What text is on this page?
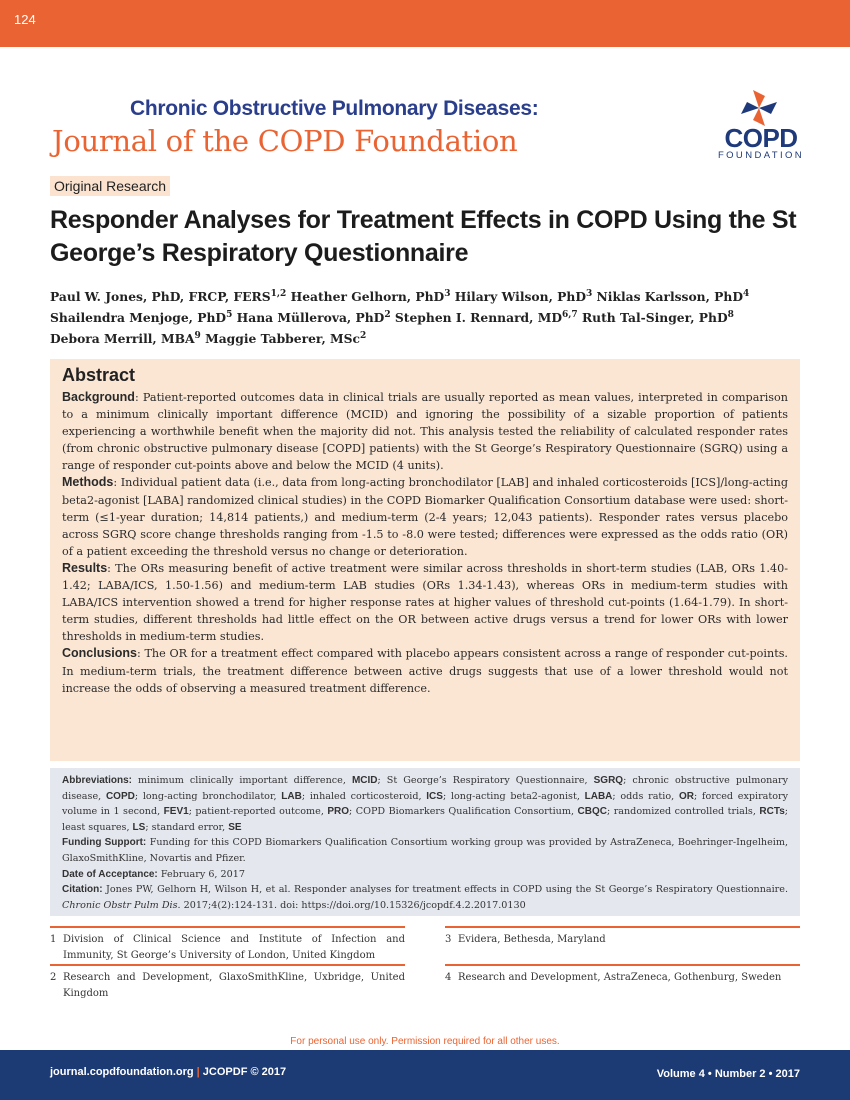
124
Chronic Obstructive Pulmonary Diseases:
Journal of the COPD Foundation	COPD
FOUNDATION
Original Research
Responder Analyses for Treatment Effects in COPD Using the St George’s Respiratory Questionnaire
Paul W. Jones, PhD, FRCP, FERS$^{1,2}$ Heather Gelhorn, PhD$^3$ Hilary Wilson, PhD$^3$ Niklas Karlsson, PhD$^4$
Shailendra Menjoge, PhD$^5$ Hana Müllerova, PhD$^2$ Stephen I. Rennard, MD$^{6,7}$ Ruth Tal-Singer, PhD$^8$
Debora Merrill, MBA$^9$ Maggie Tabberer, MSc$^2$
Abstract

Background: Patient-reported outcomes data in clinical trials are usually reported as mean values, interpreted in comparison to a minimum clinically important difference (MCID) and ignoring the possibility of a sizable proportion of patients experiencing a worthwhile benefit when the majority did not. This analysis tested the reliability of calculated responder rates (from chronic obstructive pulmonary disease [COPD] patients) with the St George’s Respiratory Questionnaire (SGRQ) using a range of responder cut-points above and below the MCID (4 units).

Methods: Individual patient data (i.e., data from long-acting bronchodilator [LAB] and inhaled corticosteroids [ICS]/long-acting beta2-agonist [LABA] randomized clinical studies) in the COPD Biomarker Qualification Consortium database were used: short-term (≤1-year duration; 14,814 patients,) and medium-term (2-4 years; 12,043 patients). Responder rates versus placebo across SGRQ score change thresholds ranging from -1.5 to -8.0 were tested; differences were expressed as the odds ratio (OR) of a patient exceeding the threshold versus no change or deterioration.

Results: The ORs measuring benefit of active treatment were similar across thresholds in short-term studies (LAB, ORs 1.40-1.42; LABA/ICS, 1.50-1.56) and medium-term LAB studies (ORs 1.34-1.43), whereas ORs in medium-term studies with LABA/ICS intervention showed a trend for higher response rates at higher values of threshold cut-points (1.64-1.79). In short-term studies, different thresholds had little effect on the OR between active drugs versus a trend for lower ORs with lower thresholds in medium-term studies.

Conclusions: The OR for a treatment effect compared with placebo appears consistent across a range of responder cut-points. In medium-term trials, the treatment difference between active drugs suggests that use of a lower threshold would not increase the odds of observing a measured treatment difference.

Abbreviations: minimum clinically important difference, MCID; St George’s Respiratory Questionnaire, SGRQ; chronic obstructive pulmonary disease, COPD; long-acting bronchodilator, LAB; inhaled corticosteroid, ICS; long-acting beta2-agonist, LABA; odds ratio, OR; forced expiratory volume in 1 second, FEV1; patient-reported outcome, PRO; COPD Biomarkers Qualification Consortium, CBQC; randomized controlled trials, RCTs; least squares, LS; standard error, SE

Funding Support: Funding for this COPD Biomarkers Qualification Consortium working group was provided by AstraZeneca, Boehringer-Ingelheim, GlaxoSmithKline, Novartis and Pfizer.

Date of Acceptance: February 6, 2017

Citation: Jones PW, Gelhorn H, Wilson H, et al. Responder analyses for treatment effects in COPD using the St George’s Respiratory Questionnaire. Chronic Obstr Pulm Dis. 2017;4(2):124-131. doi: https://doi.org/10.15326/jcopdf.4.2.2017.0130

1 Division of Clinical Science and Institute of Infection and Immunity, St George’s University of London, United Kingdom
2 Research and Development, GlaxoSmithKline, Uxbridge, United Kingdom
3 Evidera, Bethesda, Maryland
4 Research and Development, AstraZeneca, Gothenburg, Sweden
For personal use only. Permission required for all other uses.
journal.copdfoundation.org | JCOPDF © 2017	Volume 4 • Number 2 • 2017
